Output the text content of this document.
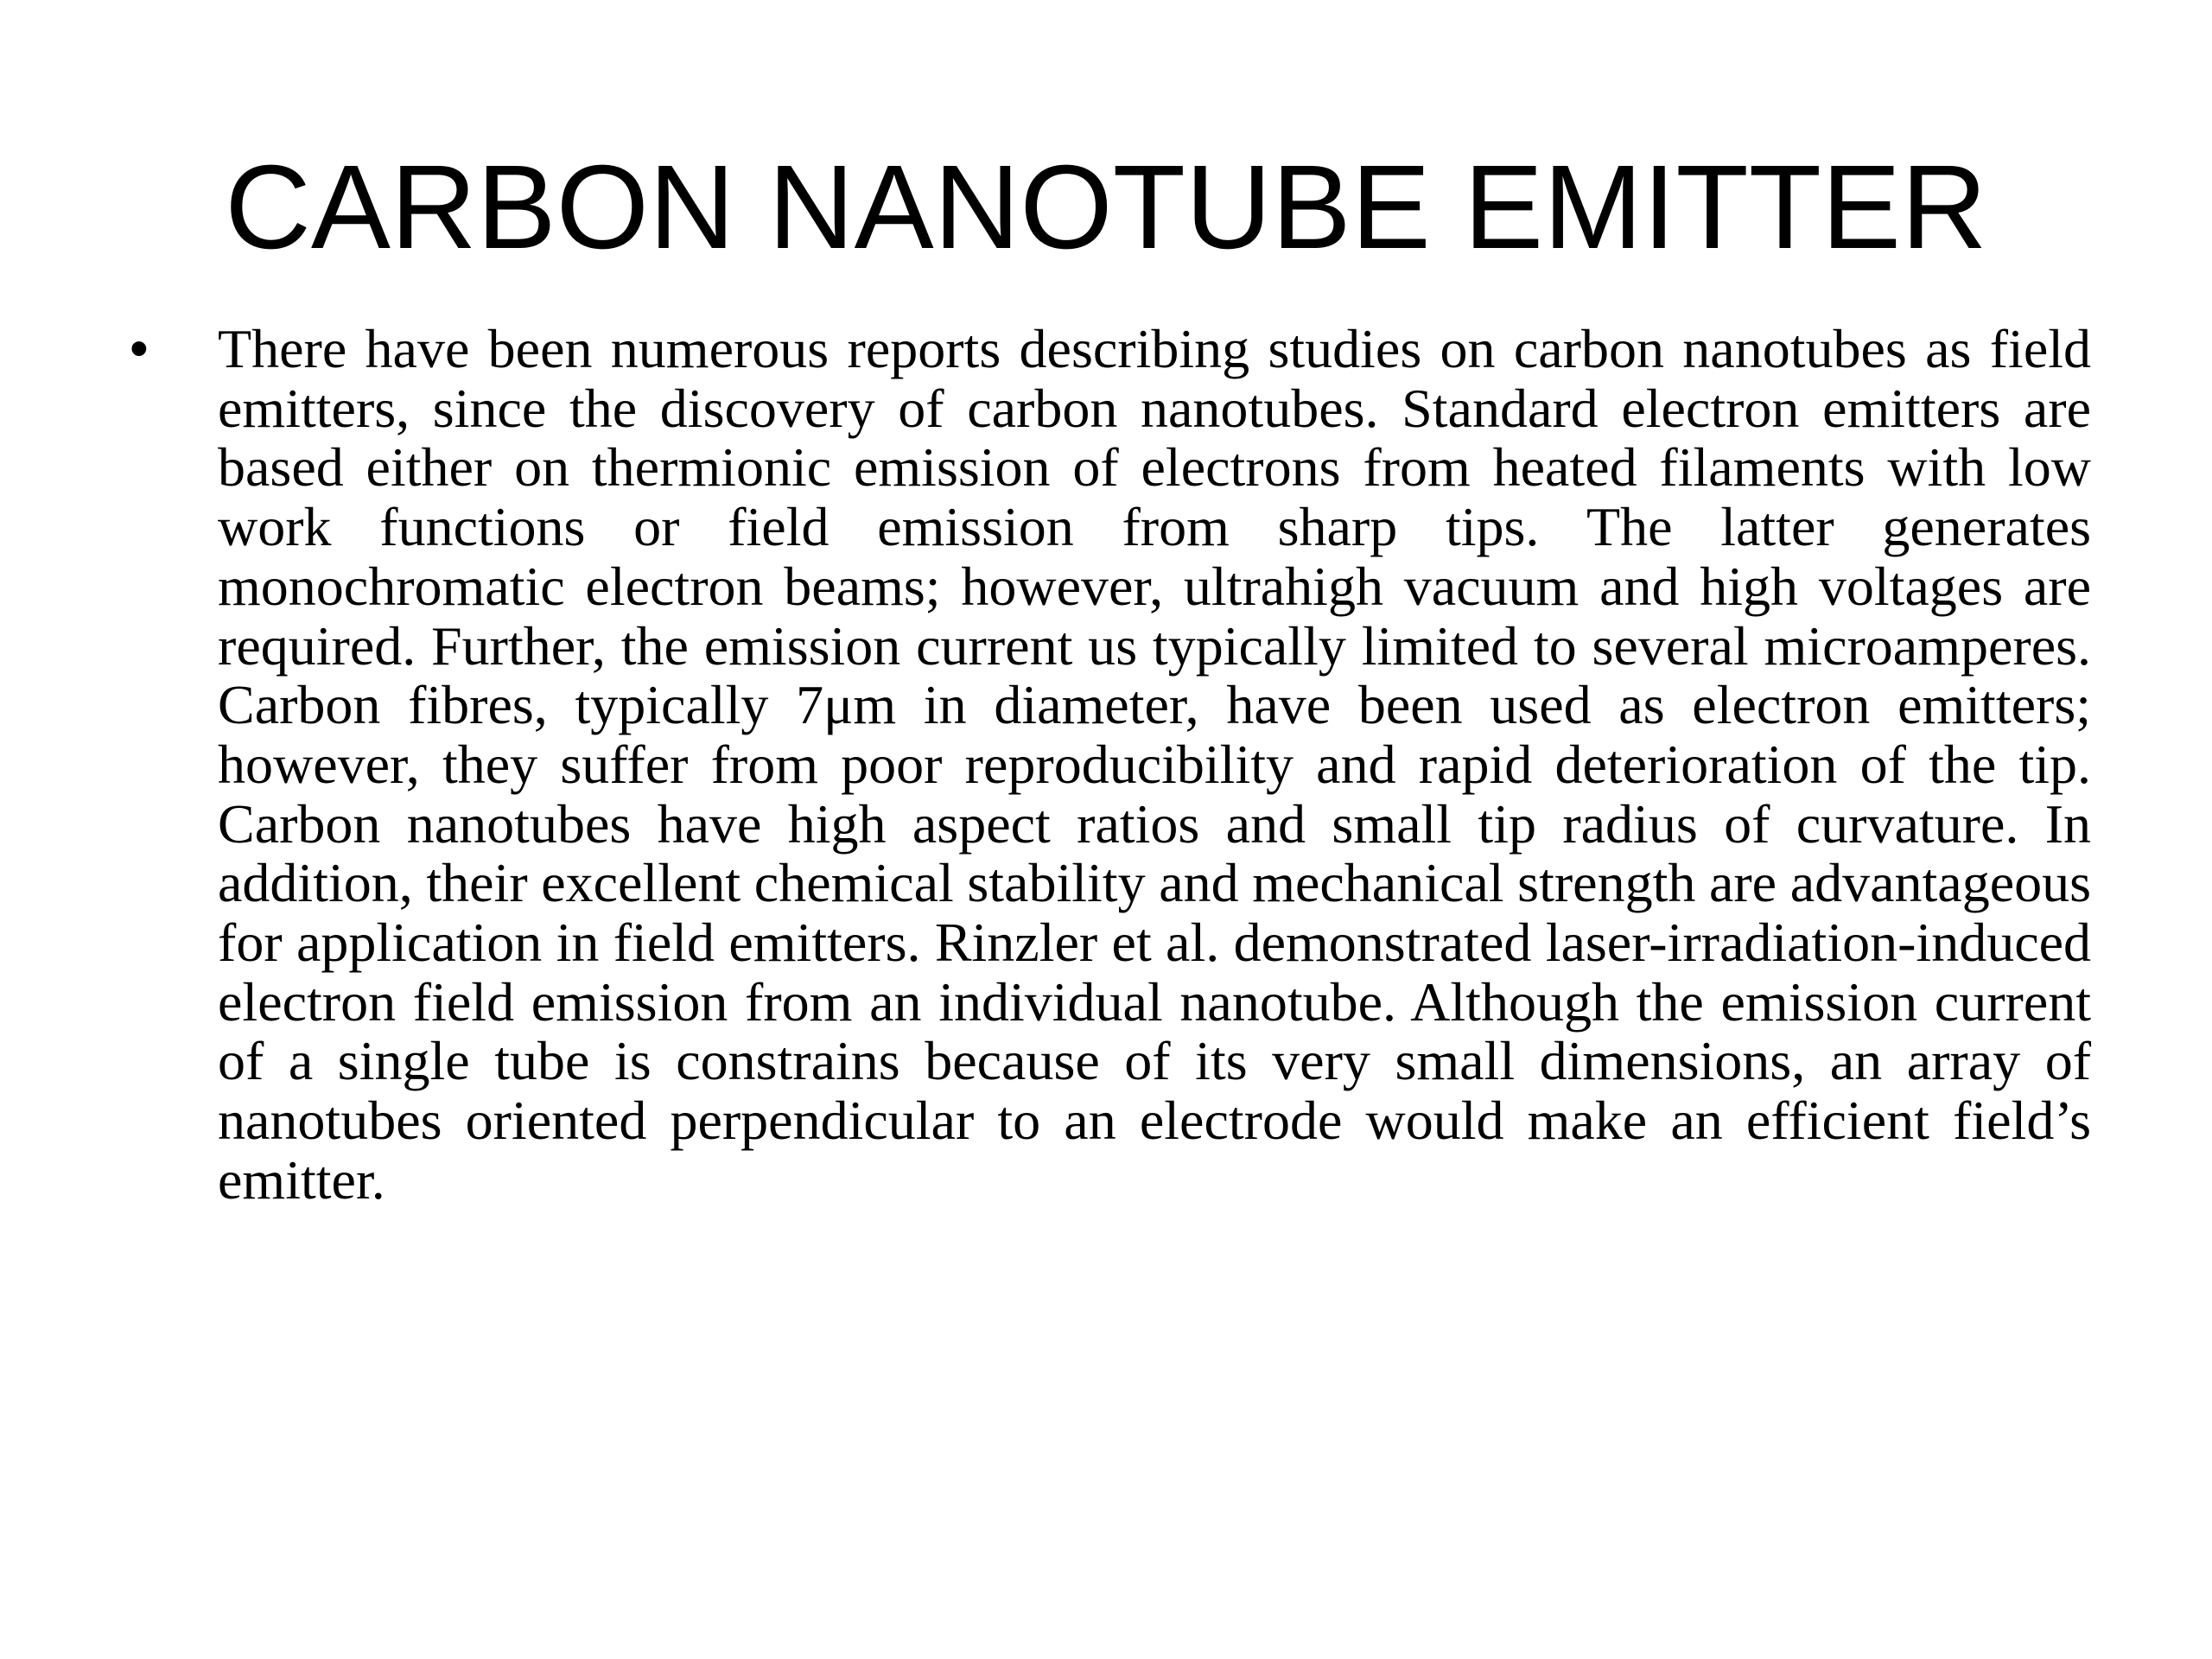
CARBON NANOTUBE EMITTER
• There have been numerous reports describing studies on carbon nanotubes as field emitters, since the discovery of carbon nanotubes. Standard electron emitters are based either on thermionic emission of electrons from heated filaments with low work functions or field emission from sharp tips. The latter generates monochromatic electron beams; however, ultrahigh vacuum and high voltages are required. Further, the emission current us typically limited to several microamperes. Carbon fibres, typically 7μm in diameter, have been used as electron emitters; however, they suffer from poor reproducibility and rapid deterioration of the tip. Carbon nanotubes have high aspect ratios and small tip radius of curvature. In addition, their excellent chemical stability and mechanical strength are advantageous for application in field emitters. Rinzler et al. demonstrated laser-irradiation-induced electron field emission from an individual nanotube. Although the emission current of a single tube is constrains because of its very small dimensions, an array of nanotubes oriented perpendicular to an electrode would make an efficient field’s emitter.
